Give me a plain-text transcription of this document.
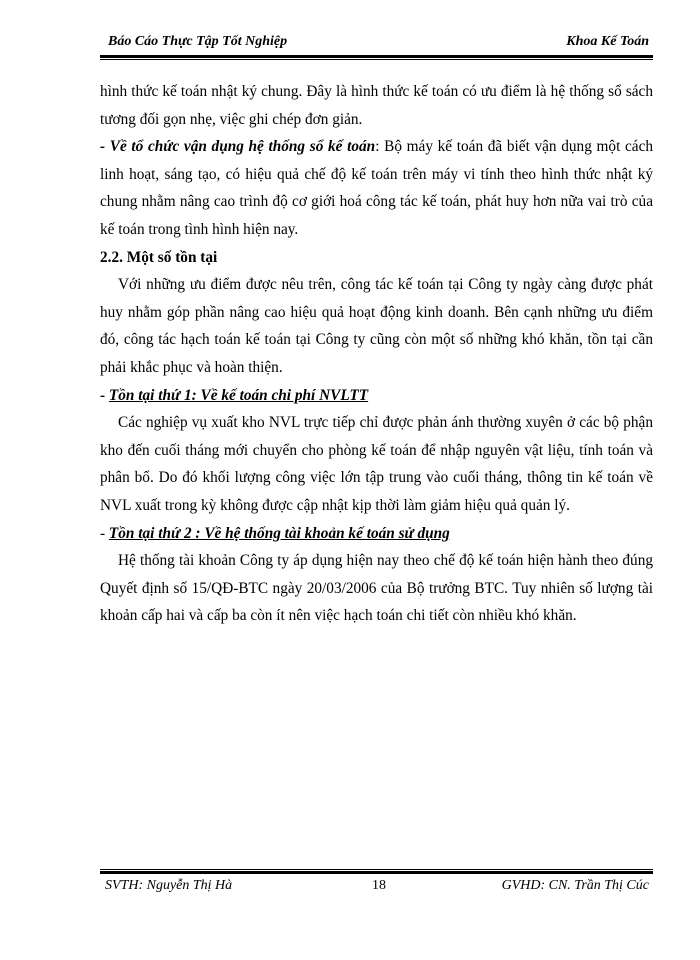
Báo Cáo Thực Tập Tốt Nghiệp	Khoa Kế Toán

hình thức kế toán nhật ký chung. Đây là hình thức kế toán có ưu điểm là hệ thống sổ sách tương đối gọn nhẹ, việc ghi chép đơn giản.

- Về tổ chức vận dụng hệ thống sổ kế toán: Bộ máy kế toán đã biết vận dụng một cách linh hoạt, sáng tạo, có hiệu quả chế độ kế toán trên máy vi tính theo hình thức nhật ký chung nhằm nâng cao trình độ cơ giới hoá công tác kế toán, phát huy hơn nữa vai trò của kế toán trong tình hình hiện nay.

2.2. Một số tồn tại

Với những ưu điểm được nêu trên, công tác kế toán tại Công ty ngày càng được phát huy nhằm góp phần nâng cao hiệu quả hoạt động kinh doanh. Bên cạnh những ưu điểm đó, công tác hạch toán kế toán tại Công ty cũng còn một số những khó khăn, tồn tại cần phải khắc phục và hoàn thiện.

- Tồn tại thứ 1: Về kế toán chi phí NVLTT

Các nghiệp vụ xuất kho NVL trực tiếp chỉ được phản ánh thường xuyên ở các bộ phận kho đến cuối tháng mới chuyển cho phòng kế toán để nhập nguyên vật liệu, tính toán và phân bổ. Do đó khối lượng công việc lớn tập trung vào cuối tháng, thông tin kế toán về NVL xuất trong kỳ không được cập nhật kịp thời làm giảm hiệu quả quản lý.

- Tồn tại thứ 2 : Về hệ thống tài khoản kế toán sử dụng

Hệ thống tài khoản Công ty áp dụng hiện nay theo chế độ kế toán hiện hành theo đúng Quyết định số 15/QĐ-BTC ngày 20/03/2006 của Bộ trưởng BTC. Tuy nhiên số lượng tài khoản cấp hai và cấp ba còn ít nên việc hạch toán chi tiết còn nhiều khó khăn.

SVTH: Nguyễn Thị Hà	18	GVHD: CN. Trần Thị Cúc
